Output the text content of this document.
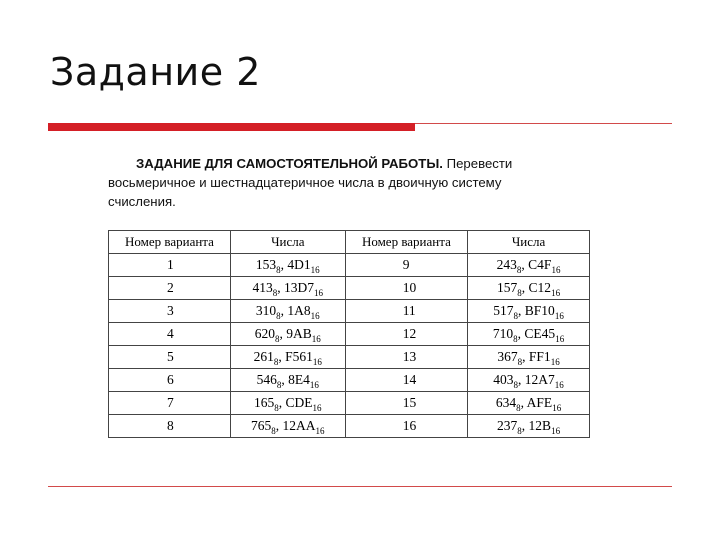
Задание 2
ЗАДАНИЕ ДЛЯ САМОСТОЯТЕЛЬНОЙ РАБОТЫ. Перевести восьмеричное и шестнадцатеричное числа в двоичную систему счисления.
Номер варианта	Числа	Номер варианта	Числа
1	$153_8$, $4D1_{16}$	9	$243_8$, $C4F_{16}$
2	$413_8$, $13D7_{16}$	10	$157_8$, $C12_{16}$
3	$310_8$, $1A8_{16}$	11	$517_8$, $BF10_{16}$
4	$620_8$, $9AB_{16}$	12	$710_8$, $CE45_{16}$
5	$261_8$, $F561_{16}$	13	$367_8$, $FF1_{16}$
6	$546_8$, $8E4_{16}$	14	$403_8$, $12A7_{16}$
7	$165_8$, $CDE_{16}$	15	$634_8$, $AFE_{16}$
8	$765_8$, $12AA_{16}$	16	$237_8$, $12B_{16}$
